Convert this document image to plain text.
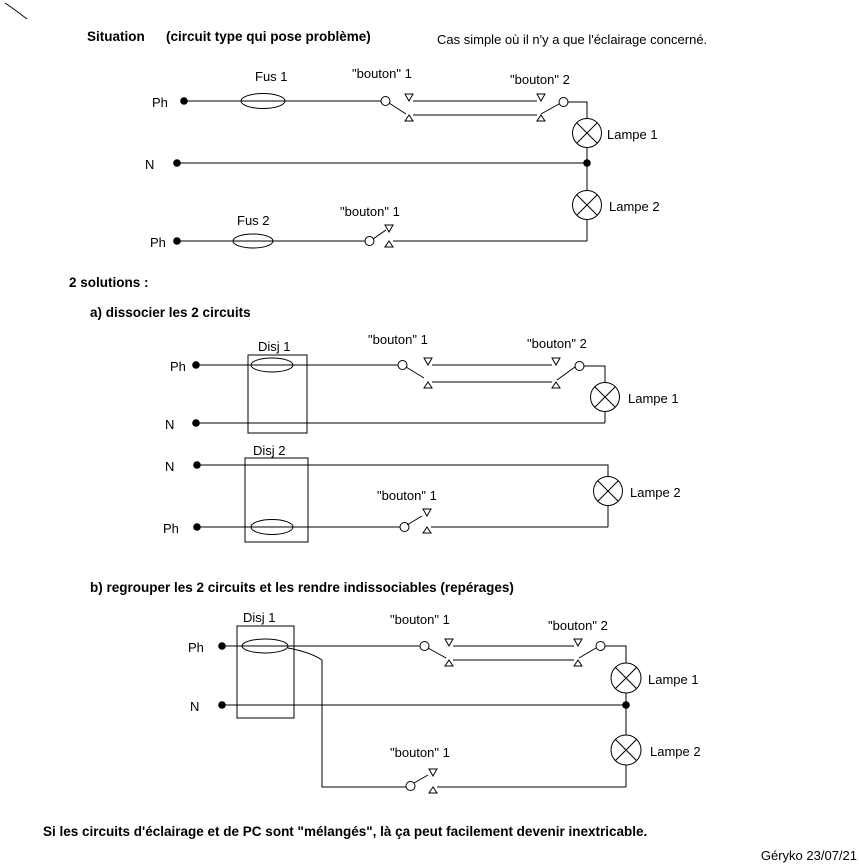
Situation (circuit type qui pose problème)	Cas simple où il n'y a que l'éclairage concerné.
Ph
Fus 1	"bouton" 1	"bouton" 2
Lampe 1
N
Lampe 2
Ph
Fus 2
"bouton" 1
2 solutions :
a) dissocier les 2 circuits
Disj 1
Ph
"bouton" 1	"bouton" 2
Lampe 1
N
Disj 2
N
Lampe 2
Ph
"bouton" 1
b) regrouper les 2 circuits et les rendre indissociables (repérages)
Disj 1
Ph
"bouton" 1	"bouton" 2
Lampe 1
N
Lampe 2
"bouton" 1
Si les circuits d'éclairage et de PC sont "mélangés", là ça peut facilement devenir inextricable.
Géryko 23/07/21
